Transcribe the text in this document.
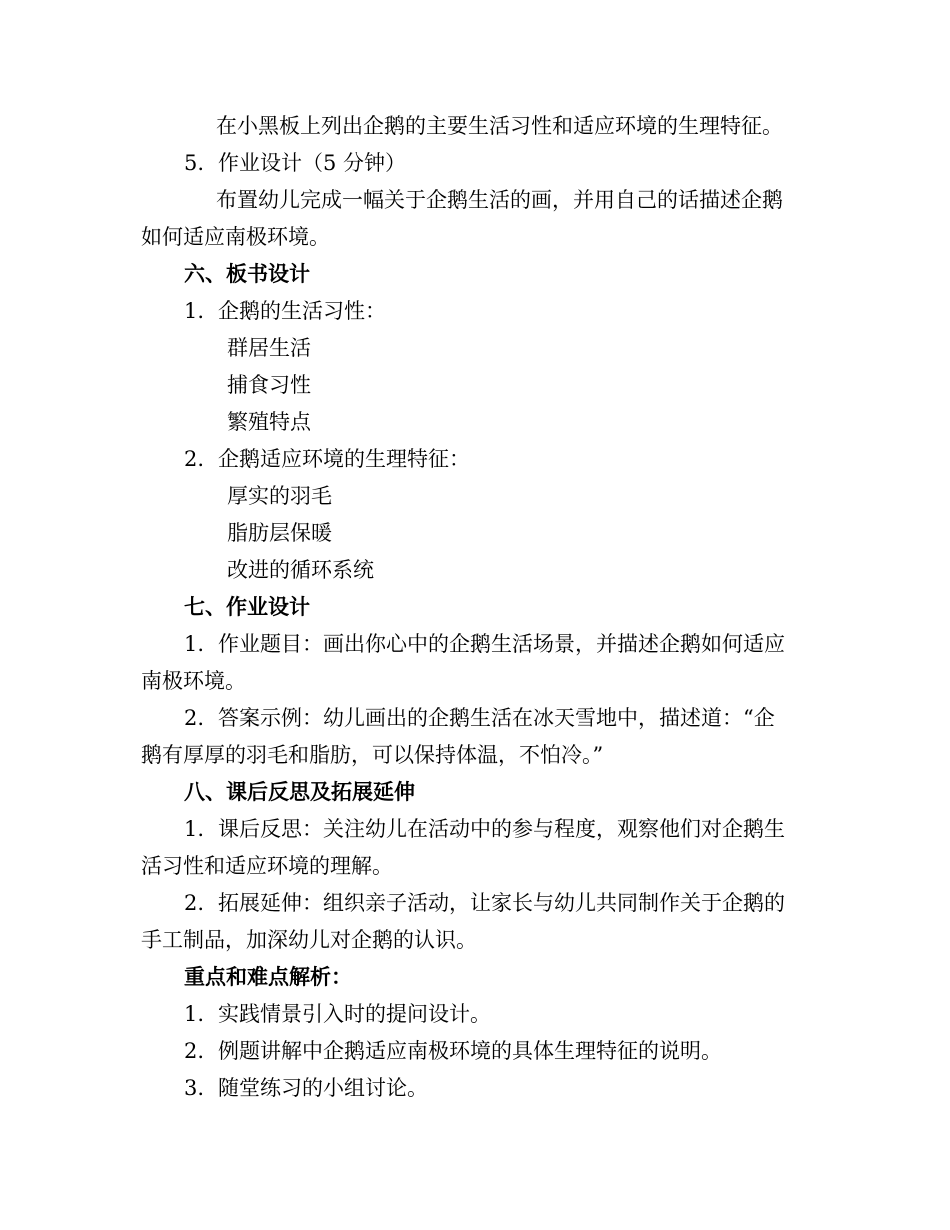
在小黑板上列出企鹅的主要生活习性和适应环境的生理特征。
5. 作业设计（5 分钟）
布置幼儿完成一幅关于企鹅生活的画，并用自己的话描述企鹅
如何适应南极环境。
六、板书设计
1. 企鹅的生活习性：
群居生活
捕食习性
繁殖特点
2. 企鹅适应环境的生理特征：
厚实的羽毛
脂肪层保暖
改进的循环系统
七、作业设计
1. 作业题目：画出你心中的企鹅生活场景，并描述企鹅如何适应
南极环境。
2. 答案示例：幼儿画出的企鹅生活在冰天雪地中，描述道：“企
鹅有厚厚的羽毛和脂肪，可以保持体温，不怕冷。”
八、课后反思及拓展延伸
1. 课后反思：关注幼儿在活动中的参与程度，观察他们对企鹅生
活习性和适应环境的理解。
2. 拓展延伸：组织亲子活动，让家长与幼儿共同制作关于企鹅的
手工制品，加深幼儿对企鹅的认识。
重点和难点解析：
1. 实践情景引入时的提问设计。
2. 例题讲解中企鹅适应南极环境的具体生理特征的说明。
3. 随堂练习的小组讨论。
